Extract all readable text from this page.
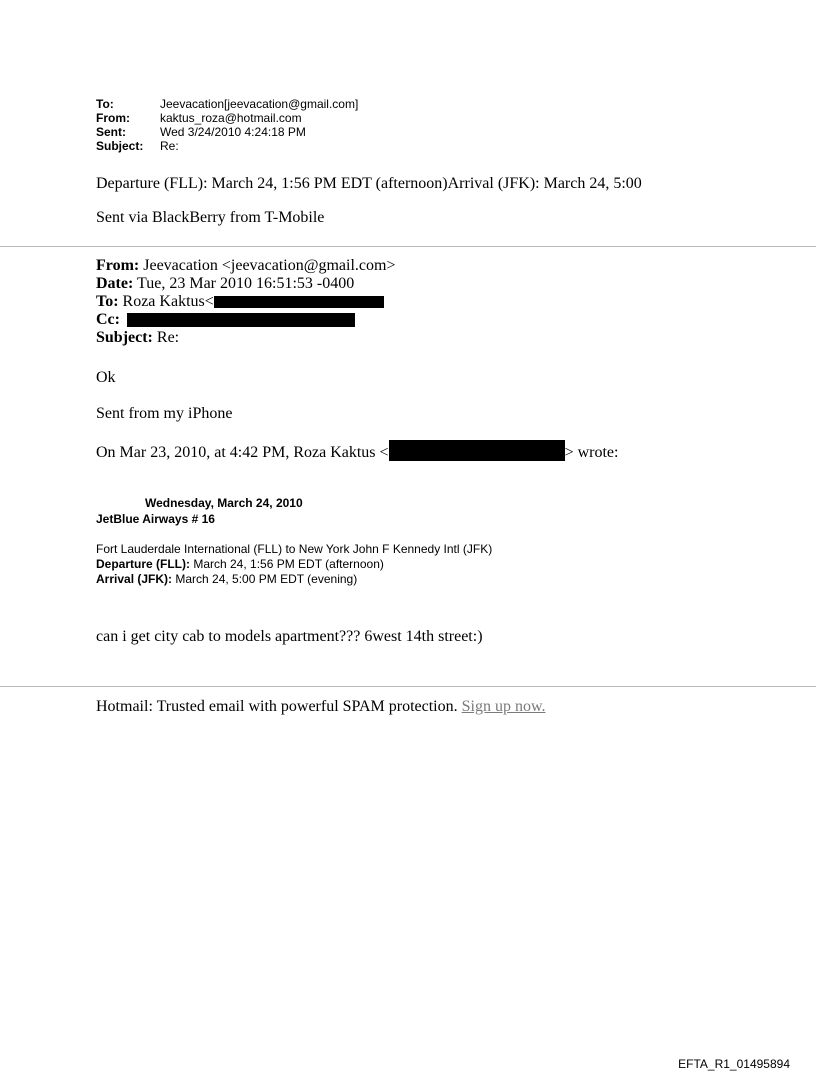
To:	Jeevacation[jeevacation@gmail.com]
From:	kaktus_roza@hotmail.com
Sent:	Wed 3/24/2010 4:24:18 PM
Subject:	Re:
Departure (FLL): March 24, 1:56 PM EDT (afternoon)Arrival (JFK): March 24, 5:00
Sent via BlackBerry from T-Mobile
From: Jeevacation <jeevacation@gmail.com>
Date: Tue, 23 Mar 2010 16:51:53 -0400
To: Roza Kaktus<
Cc:
Subject: Re:
Ok
Sent from my iPhone
On Mar 23, 2010, at 4:42 PM, Roza Kaktus <	> wrote:
Wednesday, March 24, 2010
JetBlue Airways # 16
Fort Lauderdale International (FLL) to New York John F Kennedy Intl (JFK)
Departure (FLL): March 24, 1:56 PM EDT (afternoon)
Arrival (JFK): March 24, 5:00 PM EDT (evening)
can i get city cab to models apartment??? 6west 14th street:)
Hotmail: Trusted email with powerful SPAM protection. Sign up now.
EFTA_R1_01495894
